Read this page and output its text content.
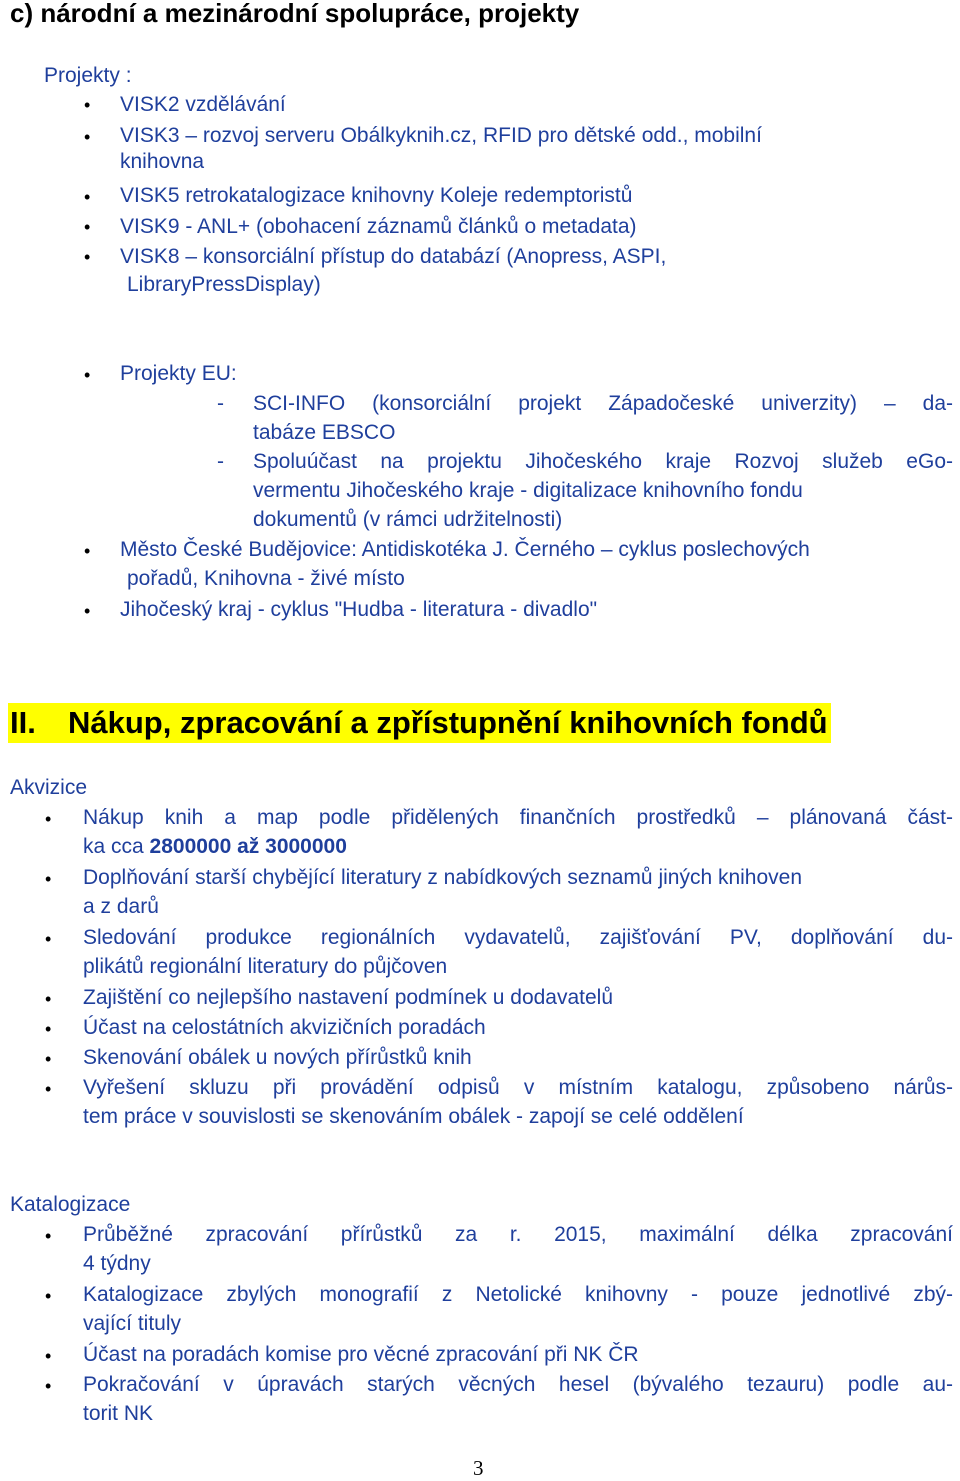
c) národní a mezinárodní spolupráce, projekty
Projekty :
•
VISK2 vzdělávání
•
VISK3 – rozvoj serveru Obálkyknih.cz, RFID pro dětské odd., mobilní
knihovna
•
VISK5 retrokatalogizace knihovny Koleje redemptoristů
•
VISK9 - ANL+ (obohacení záznamů článků o metadata)
•
VISK8 – konsorciální přístup do databází (Anopress, ASPI,
LibraryPressDisplay)
•
Projekty EU:
- SCI-INFO (konsorciální projekt Západočeské univerzity) – da-
tabáze EBSCO
- Spoluúčast na projektu Jihočeského kraje Rozvoj služeb eGo-
vermentu Jihočeského kraje - digitalizace knihovního fondu
dokumentů (v rámci udržitelnosti)
•
Město České Budějovice: Antidiskotéka J. Černého – cyklus poslechových
pořadů, Knihovna - živé místo
•
Jihočeský kraj - cyklus "Hudba - literatura - divadlo"
II. Nákup, zpracování a zpřístupnění knihovních fondů
Akvizice
•
Nákup knih a map podle přidělených finančních prostředků – plánovaná část-
ka cca 2800000 až 3000000
•
Doplňování starší chybějící literatury z nabídkových seznamů jiných knihoven
a z darů
•
Sledování produkce regionálních vydavatelů, zajišťování PV, doplňování du-
plikátů regionální literatury do půjčoven
•
Zajištění co nejlepšího nastavení podmínek u dodavatelů
•
Účast na celostátních akvizičních poradách
•
Skenování obálek u nových přírůstků knih
•
Vyřešení skluzu při provádění odpisů v místním katalogu, způsobeno nárůs-
tem práce v souvislosti se skenováním obálek - zapojí se celé oddělení
Katalogizace
•
Průběžné zpracování přírůstků za r. 2015, maximální délka zpracování
4 týdny
•
Katalogizace zbylých monografií z Netolické knihovny - pouze jednotlivé zbý-
vající tituly
•
Účast na poradách komise pro věcné zpracování při NK ČR
•
Pokračování v úpravách starých věcných hesel (bývalého tezauru) podle au-
torit NK
3
